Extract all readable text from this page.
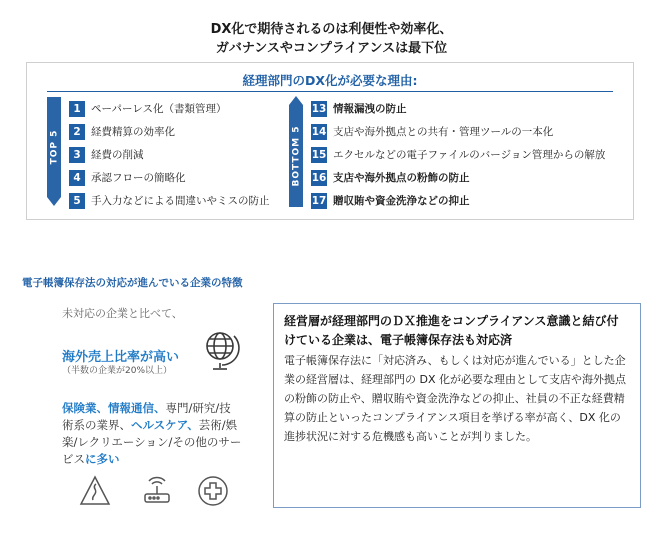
DX化で期待されるのは利便性や効率化、
ガバナンスやコンプライアンスは最下位
経理部門のDX化が必要な理由:
TOP 5
1 ペーパーレス化（書類管理）
2 経費精算の効率化
3 経費の削減
4 承認フローの簡略化
5 手入力などによる間違いやミスの防止
BOTTOM 5
13 情報漏洩の防止
14 支店や海外拠点との共有・管理ツールの一本化
15 エクセルなどの電子ファイルのバージョン管理からの解放
16 支店や海外拠点の粉飾の防止
17 贈収賄や資金洗浄などの抑止
電子帳簿保存法の対応が進んでいる企業の特徴
未対応の企業と比べて、
海外売上比率が高い
（半数の企業が20%以上）
保険業、情報通信、専門/研究/技術系の業界、ヘルスケア、芸術/娯楽/レクリエーション/その他のサービスに多い
経営層が経理部門のＤＸ推進をコンプライアンス意識と結び付けている企業は、電子帳簿保存法も対応済
電子帳簿保存法に「対応済み、もしくは対応が進んでいる」とした企業の経営層は、経理部門の DX 化が必要な理由として支店や海外拠点の粉飾の防止や、贈収賄や資金洗浄などの抑止、社員の不正な経費精算の防止といったコンプライアンス項目を挙げる率が高く、DX 化の進捗状況に対する危機感も高いことが判りました。
